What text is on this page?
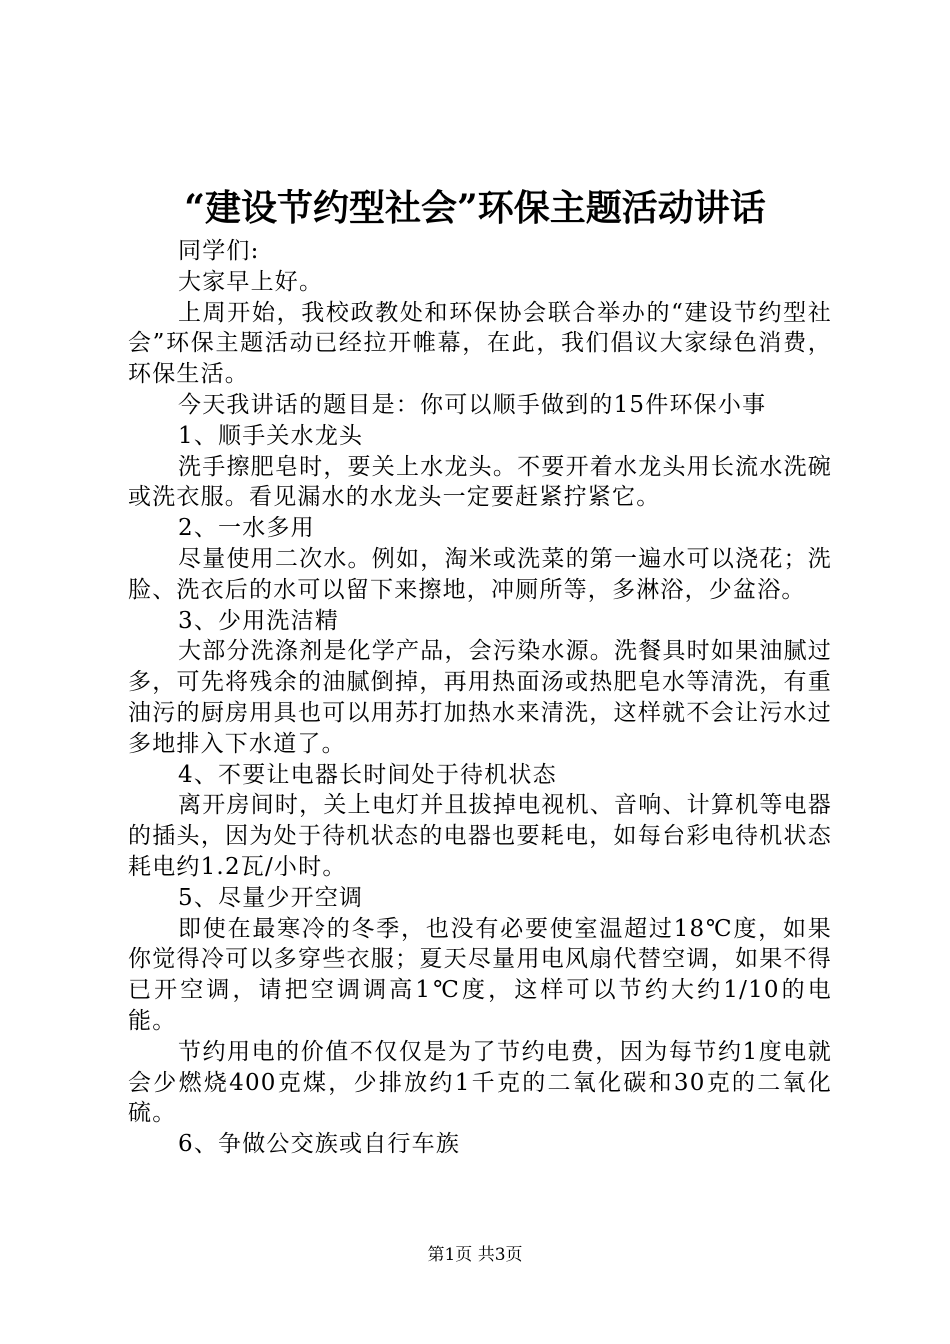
“建设节约型社会”环保主题活动讲话

同学们:

大家早上好。

上周开始，我校政教处和环保协会联合举办的“建设节约型社会”环保主题活动已经拉开帷幕，在此，我们倡议大家绿色消费，环保生活。

今天我讲话的题目是：你可以顺手做到的15件环保小事

1、顺手关水龙头

洗手擦肥皂时，要关上水龙头。不要开着水龙头用长流水洗碗或洗衣服。看见漏水的水龙头一定要赶紧拧紧它。

2、一水多用

尽量使用二次水。例如，淘米或洗菜的第一遍水可以浇花；洗脸、洗衣后的水可以留下来擦地，冲厕所等，多淋浴，少盆浴。

3、少用洗洁精

大部分洗涤剂是化学产品，会污染水源。洗餐具时如果油腻过多，可先将残余的油腻倒掉，再用热面汤或热肥皂水等清洗，有重油污的厨房用具也可以用苏打加热水来清洗，这样就不会让污水过多地排入下水道了。

4、不要让电器长时间处于待机状态

离开房间时，关上电灯并且拔掉电视机、音响、计算机等电器的插头，因为处于待机状态的电器也要耗电，如每台彩电待机状态耗电约1.2瓦/小时。

5、尽量少开空调

即使在最寒冷的冬季，也没有必要使室温超过18℃度，如果你觉得冷可以多穿些衣服；夏天尽量用电风扇代替空调，如果不得已开空调，请把空调调高1℃度，这样可以节约大约1/10的电能。

节约用电的价值不仅仅是为了节约电费，因为每节约1度电就会少燃烧400克煤，少排放约1千克的二氧化碳和30克的二氧化硫。

6、争做公交族或自行车族

第1页 共3页
